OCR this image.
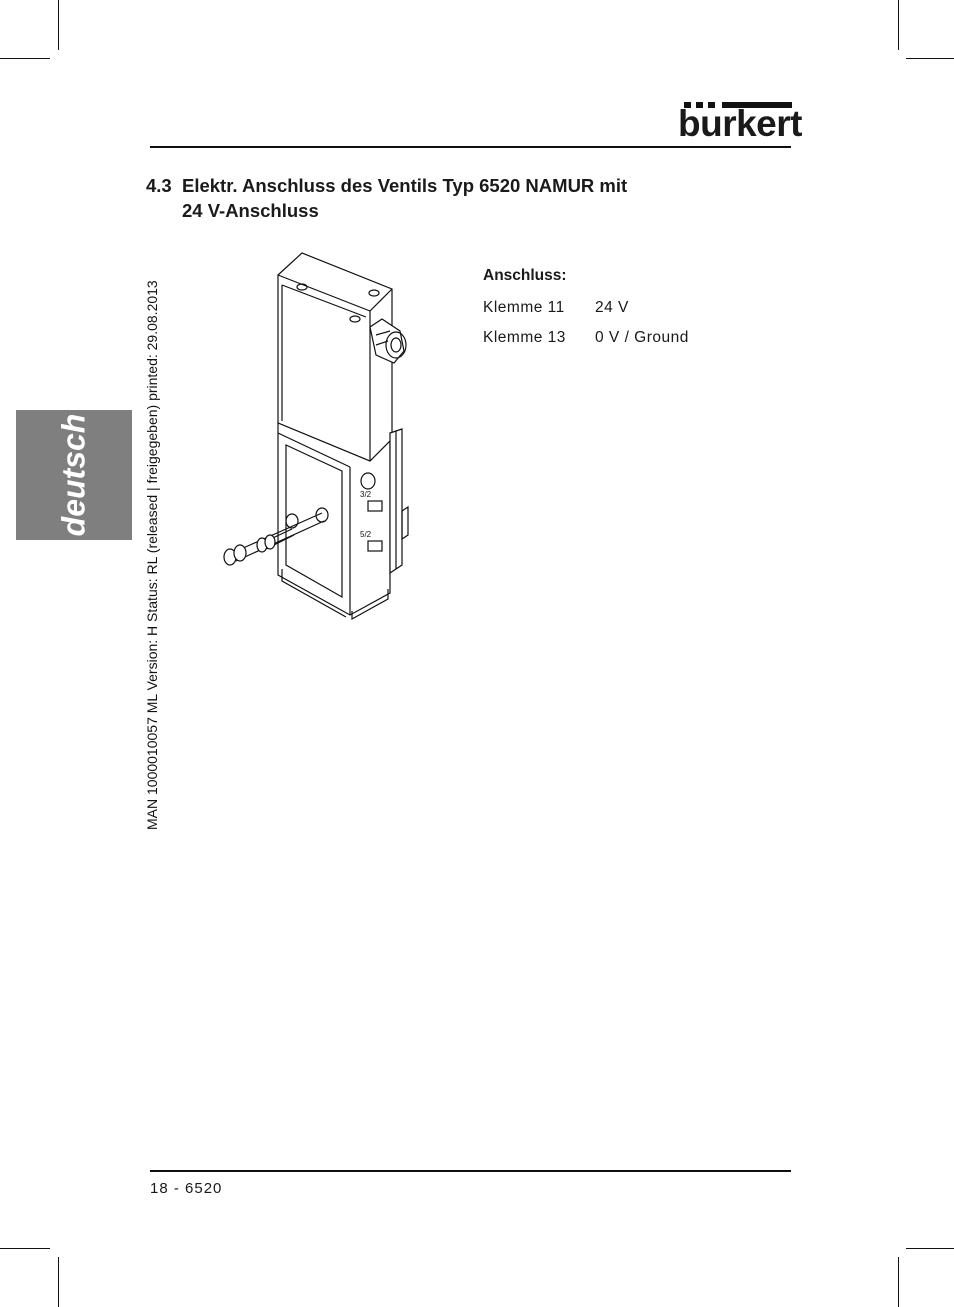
burkert
deutsch	MAN 1000010057 ML Version: H Status: RL (released | freigegeben) printed: 29.08.2013
4.3 Elektr. Anschluss des Ventils Typ 6520 NAMUR mit
24 V-Anschluss
3/2
5/2
Anschluss:
Klemme 11	24 V
Klemme 13	0 V / Ground
18 - 6520
